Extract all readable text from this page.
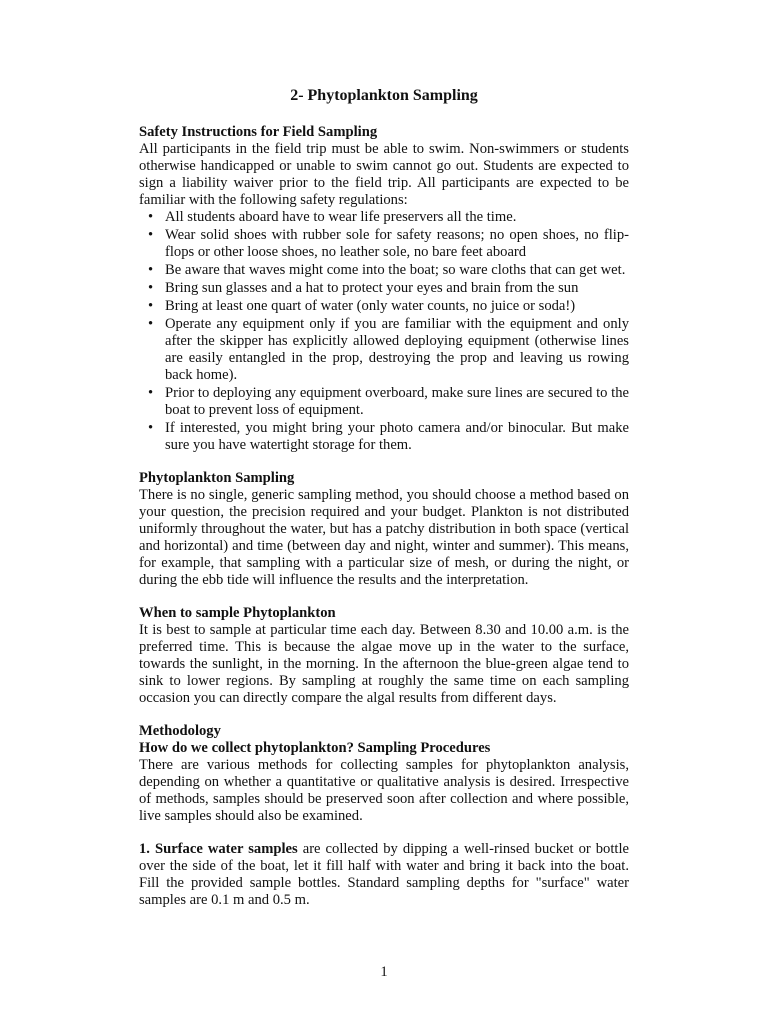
2- Phytoplankton Sampling
Safety Instructions for Field Sampling

All participants in the field trip must be able to swim. Non-swimmers or students otherwise handicapped or unable to swim cannot go out. Students are expected to sign a liability waiver prior to the field trip. All participants are expected to be familiar with the following safety regulations:

• All students aboard have to wear life preservers all the time.
• Wear solid shoes with rubber sole for safety reasons; no open shoes, no flip-flops or other loose shoes, no leather sole, no bare feet aboard
• Be aware that waves might come into the boat; so ware cloths that can get wet.
• Bring sun glasses and a hat to protect your eyes and brain from the sun
• Bring at least one quart of water (only water counts, no juice or soda!)
• Operate any equipment only if you are familiar with the equipment and only after the skipper has explicitly allowed deploying equipment (otherwise lines are easily entangled in the prop, destroying the prop and leaving us rowing back home).
• Prior to deploying any equipment overboard, make sure lines are secured to the boat to prevent loss of equipment.
• If interested, you might bring your photo camera and/or binocular. But make sure you have watertight storage for them.
Phytoplankton Sampling

There is no single, generic sampling method, you should choose a method based on your question, the precision required and your budget. Plankton is not distributed uniformly throughout the water, but has a patchy distribution in both space (vertical and horizontal) and time (between day and night, winter and summer). This means, for example, that sampling with a particular size of mesh, or during the night, or during the ebb tide will influence the results and the interpretation.

When to sample Phytoplankton

It is best to sample at particular time each day. Between 8.30 and 10.00 a.m. is the preferred time. This is because the algae move up in the water to the surface, towards the sunlight, in the morning. In the afternoon the blue-green algae tend to sink to lower regions. By sampling at roughly the same time on each sampling occasion you can directly compare the algal results from different days.

Methodology
How do we collect phytoplankton? Sampling Procedures

There are various methods for collecting samples for phytoplankton analysis, depending on whether a quantitative or qualitative analysis is desired. Irrespective of methods, samples should be preserved soon after collection and where possible, live samples should also be examined.

1. Surface water samples are collected by dipping a well-rinsed bucket or bottle over the side of the boat, let it fill half with water and bring it back into the boat. Fill the provided sample bottles. Standard sampling depths for "surface" water samples are 0.1 m and 0.5 m.

1
